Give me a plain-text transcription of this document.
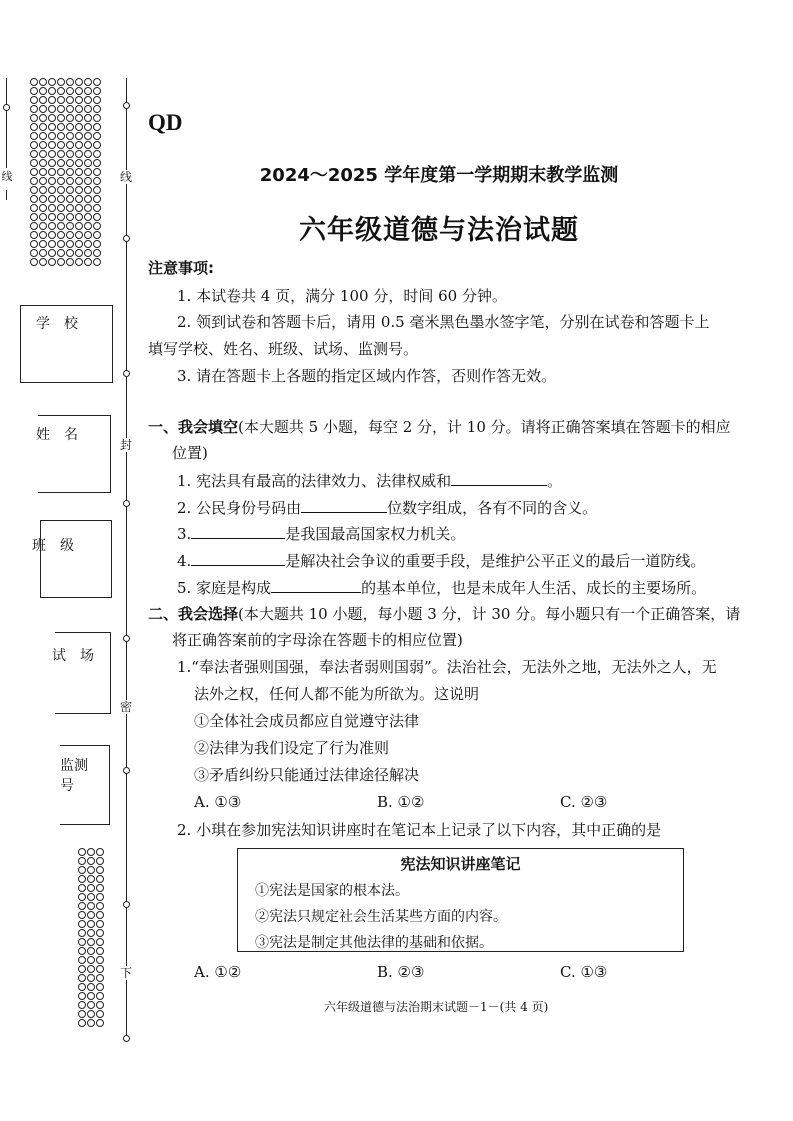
线	线
封
密
下
学　校
姓　名
班　级
试　场
监测号
QD
2024～2025 学年度第一学期期末教学监测
六年级道德与法治试题
注意事项:
1. 本试卷共 4 页，满分 100 分，时间 60 分钟。
2. 领到试卷和答题卡后，请用 0.5 毫米黑色墨水签字笔，分别在试卷和答题卡上
填写学校、姓名、班级、试场、监测号。
3. 请在答题卡上各题的指定区域内作答，否则作答无效。
一、我会填空(本大题共 5 小题，每空 2 分，计 10 分。请将正确答案填在答题卡的相应
位置)
1. 宪法具有最高的法律效力、法律权威和	。
2. 公民身份号码由	位数字组成，各有不同的含义。
3.	是我国最高国家权力机关。
4.	是解决社会争议的重要手段，是维护公平正义的最后一道防线。
5. 家庭是构成	的基本单位，也是未成年人生活、成长的主要场所。
二、我会选择(本大题共 10 小题，每小题 3 分，计 30 分。每小题只有一个正确答案，请
将正确答案前的字母涂在答题卡的相应位置)
1.“奉法者强则国强，奉法者弱则国弱”。法治社会，无法外之地，无法外之人，无
法外之权，任何人都不能为所欲为。这说明
①全体社会成员都应自觉遵守法律
②法律为我们设定了行为准则
③矛盾纠纷只能通过法律途径解决
A. ①③	B. ①②	C. ②③
2. 小琪在参加宪法知识讲座时在笔记本上记录了以下内容，其中正确的是
宪法知识讲座笔记
①宪法是国家的根本法。
②宪法只规定社会生活某些方面的内容。
③宪法是制定其他法律的基础和依据。
A. ①②	B. ②③	C. ①③
六年级道德与法治期末试题－1－(共 4 页)
